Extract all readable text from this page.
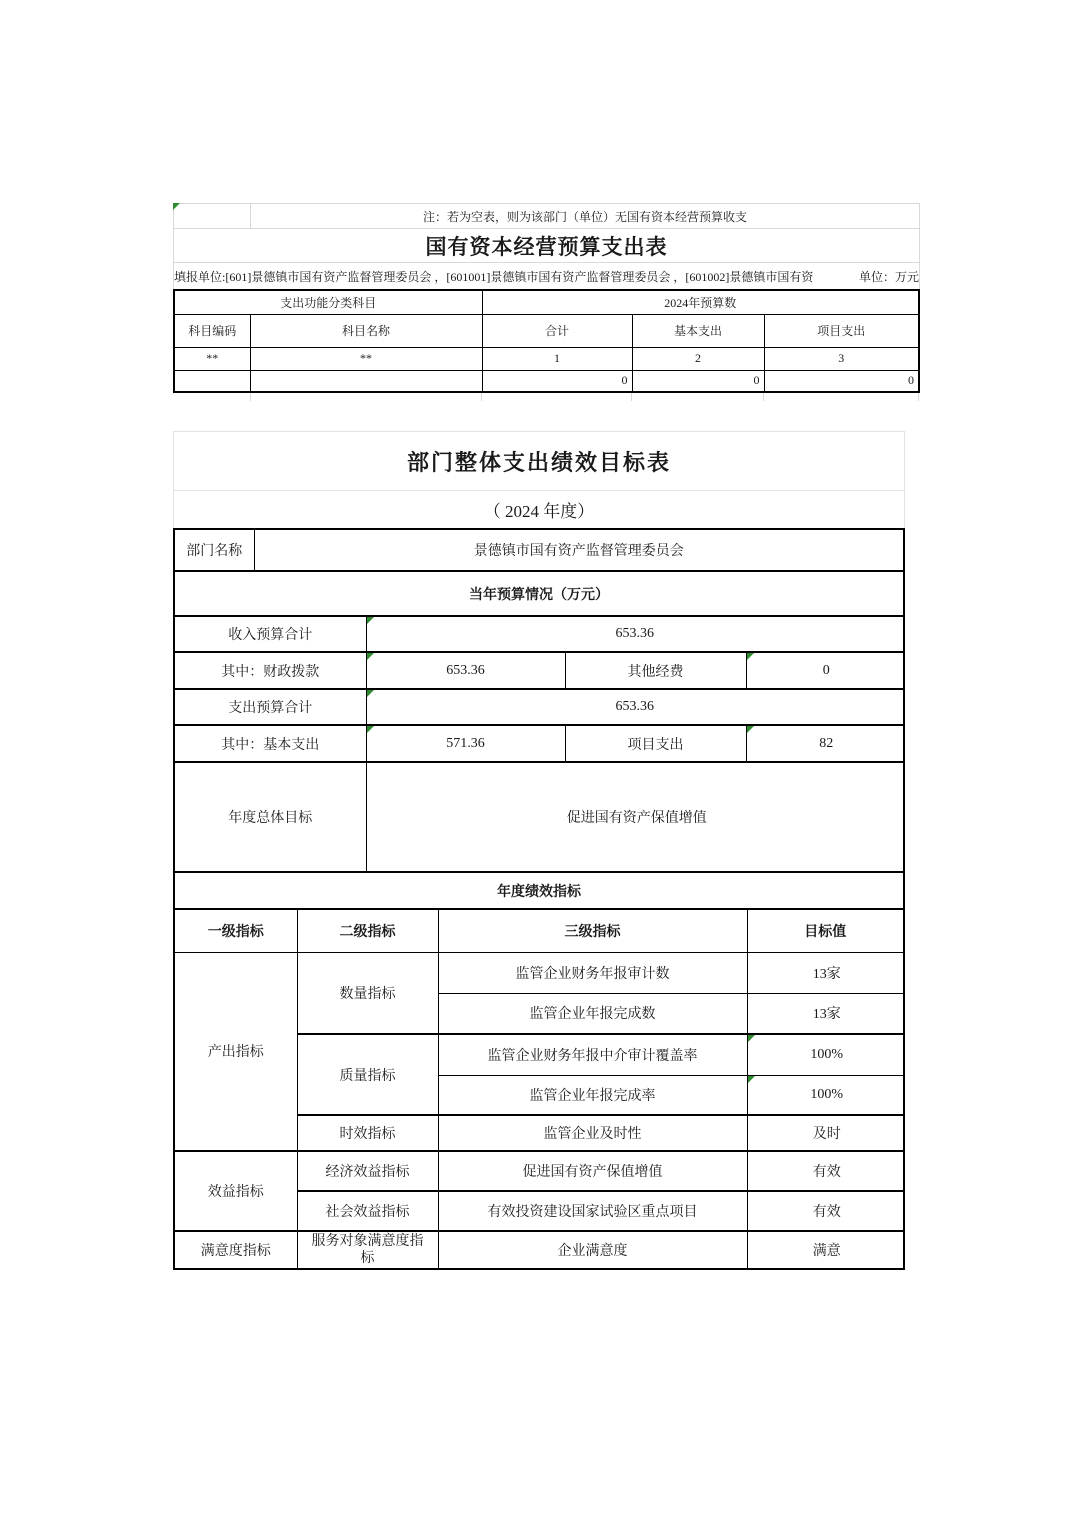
注：若为空表，则为该部门（单位）无国有资本经营预算收支
国有资本经营预算支出表
填报单位:[601]景德镇市国有资产监督管理委员会 ，[601001]景德镇市国有资产监督管理委员会 ，[601002]景德镇市国有资	单位：万元
支出功能分类科目		2024年预算数		
科目编码	科目名称	合计	基本支出	项目支出
**	**	1	2	3
		0	0	0
部门整体支出绩效目标表
（ 2024 年度）
部门名称	景德镇市国有资产监督管理委员会
当年预算情况（万元）			
收入预算合计	653.36		
其中：财政拨款	653.36	其他经费	0
支出预算合计	653.36		
其中：基本支出	571.36	项目支出	82
年度总体目标	促进国有资产保值增值		
年度绩效指标			
一级指标	二级指标	三级指标	目标值
产出指标	数量指标	监管企业财务年报审计数	13家
		监管企业年报完成数	13家
	质量指标	监管企业财务年报中介审计覆盖率	100%
		监管企业年报完成率	100%
	时效指标	监管企业及时性	及时
效益指标	经济效益指标	促进国有资产保值增值	有效
	社会效益指标	有效投资建设国家试验区重点项目	有效
满意度指标	服务对象满意度指标	企业满意度	满意
